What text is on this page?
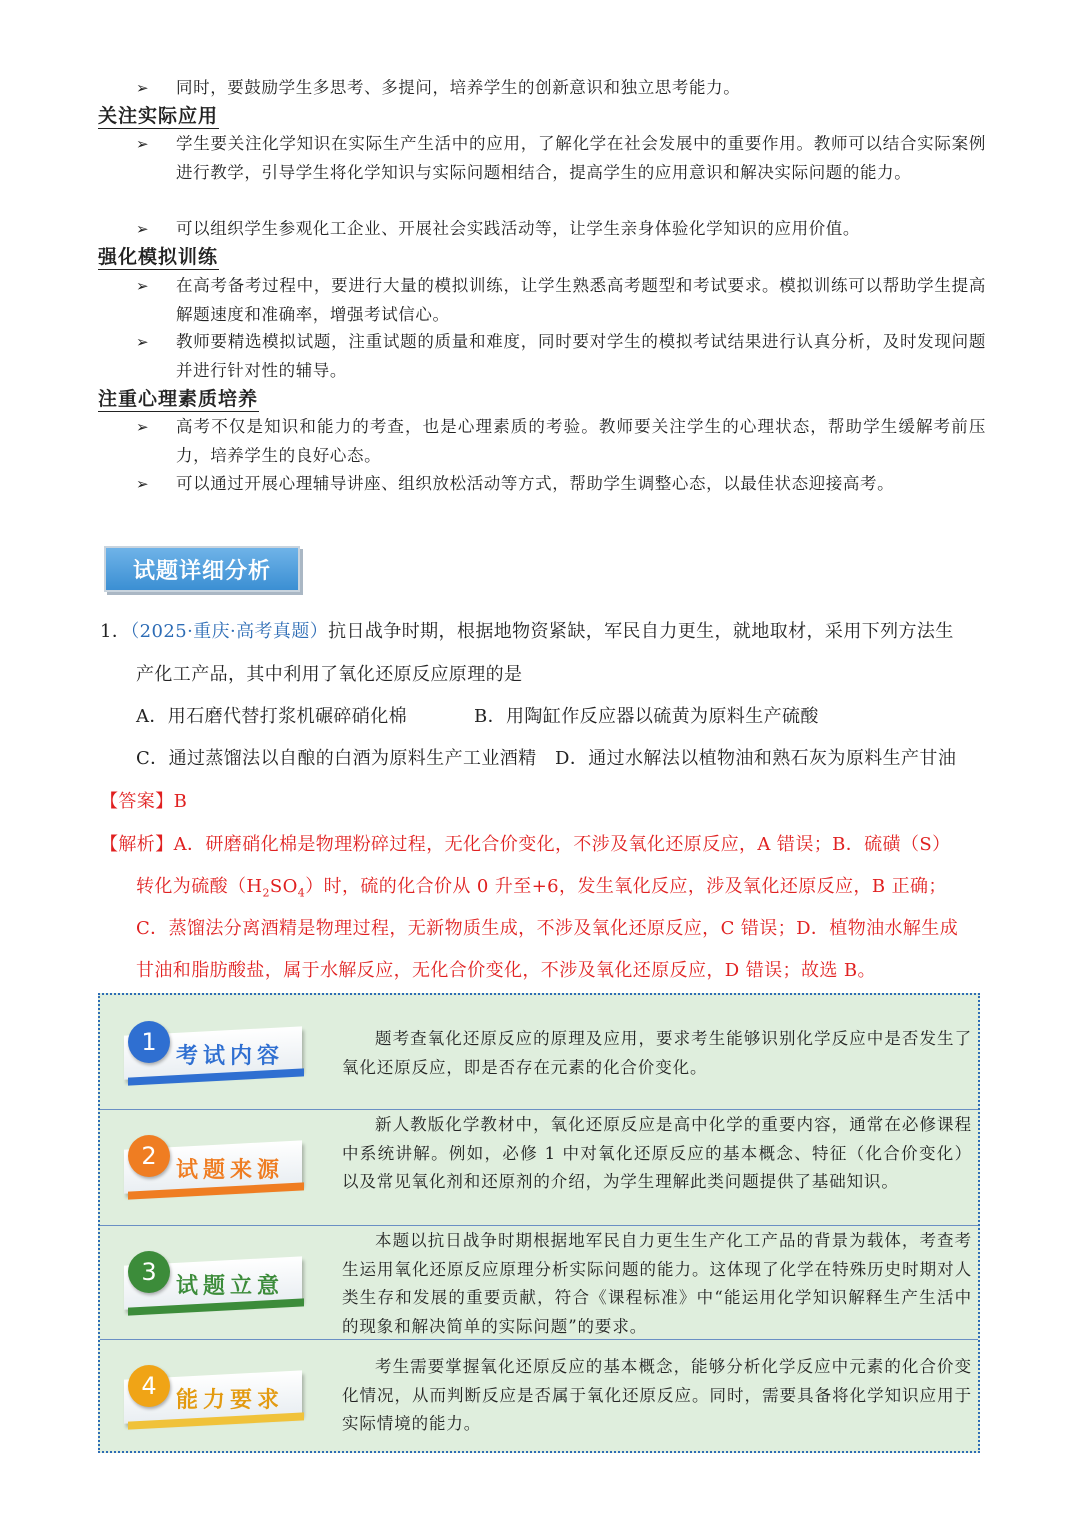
➢	同时，要鼓励学生多思考、多提问，培养学生的创新意识和独立思考能力。
关注实际应用
➢	学生要关注化学知识在实际生产生活中的应用，了解化学在社会发展中的重要作用。教师可以结合实际案例进行教学，引导学生将化学知识与实际问题相结合，提高学生的应用意识和解决实际问题的能力。
➢	可以组织学生参观化工企业、开展社会实践活动等，让学生亲身体验化学知识的应用价值。
强化模拟训练
➢	在高考备考过程中，要进行大量的模拟训练，让学生熟悉高考题型和考试要求。模拟训练可以帮助学生提高解题速度和准确率，增强考试信心。
➢	教师要精选模拟试题，注重试题的质量和难度，同时要对学生的模拟考试结果进行认真分析，及时发现问题并进行针对性的辅导。
注重心理素质培养
➢	高考不仅是知识和能力的考查，也是心理素质的考验。教师要关注学生的心理状态，帮助学生缓解考前压力，培养学生的良好心态。
➢	可以通过开展心理辅导讲座、组织放松活动等方式，帮助学生调整心态，以最佳状态迎接高考。
试题详细分析
1．（2025·重庆·高考真题）抗日战争时期，根据地物资紧缺，军民自力更生，就地取材，采用下列方法生
产化工产品，其中利用了氧化还原反应原理的是
A．用石磨代替打浆机碾碎硝化棉	B．用陶缸作反应器以硫黄为原料生产硫酸
C．通过蒸馏法以自酿的白酒为原料生产工业酒精 D．通过水解法以植物油和熟石灰为原料生产甘油
【答案】B
【解析】A．研磨硝化棉是物理粉碎过程，无化合价变化，不涉及氧化还原反应，A 错误；B．硫磺（S）
转化为硫酸$(H_2SO_4)$时，硫的化合价从 0 升至+6，发生氧化反应，涉及氧化还原反应，B 正确；
C．蒸馏法分离酒精是物理过程，无新物质生成，不涉及氧化还原反应，C 错误；D．植物油水解生成
甘油和脂肪酸盐，属于水解反应，无化合价变化，不涉及氧化还原反应，D 错误；故选 B。
1 考试内容
题考查氧化还原反应的原理及应用，要求考生能够识别化学反应中是否发生了氧化还原反应，即是否存在元素的化合价变化。
2 试题来源
新人教版化学教材中，氧化还原反应是高中化学的重要内容，通常在必修课程中系统讲解。例如，必修 1 中对氧化还原反应的基本概念、特征（化合价变化）以及常见氧化剂和还原剂的介绍，为学生理解此类问题提供了基础知识。
3 试题立意
本题以抗日战争时期根据地军民自力更生生产化工产品的背景为载体，考查考生运用氧化还原反应原理分析实际问题的能力。这体现了化学在特殊历史时期对人类生存和发展的重要贡献，符合《课程标准》中“能运用化学知识解释生产生活中的现象和解决简单的实际问题”的要求。
4 能力要求
考生需要掌握氧化还原反应的基本概念，能够分析化学反应中元素的化合价变化情况，从而判断反应是否属于氧化还原反应。同时，需要具备将化学知识应用于实际情境的能力。
